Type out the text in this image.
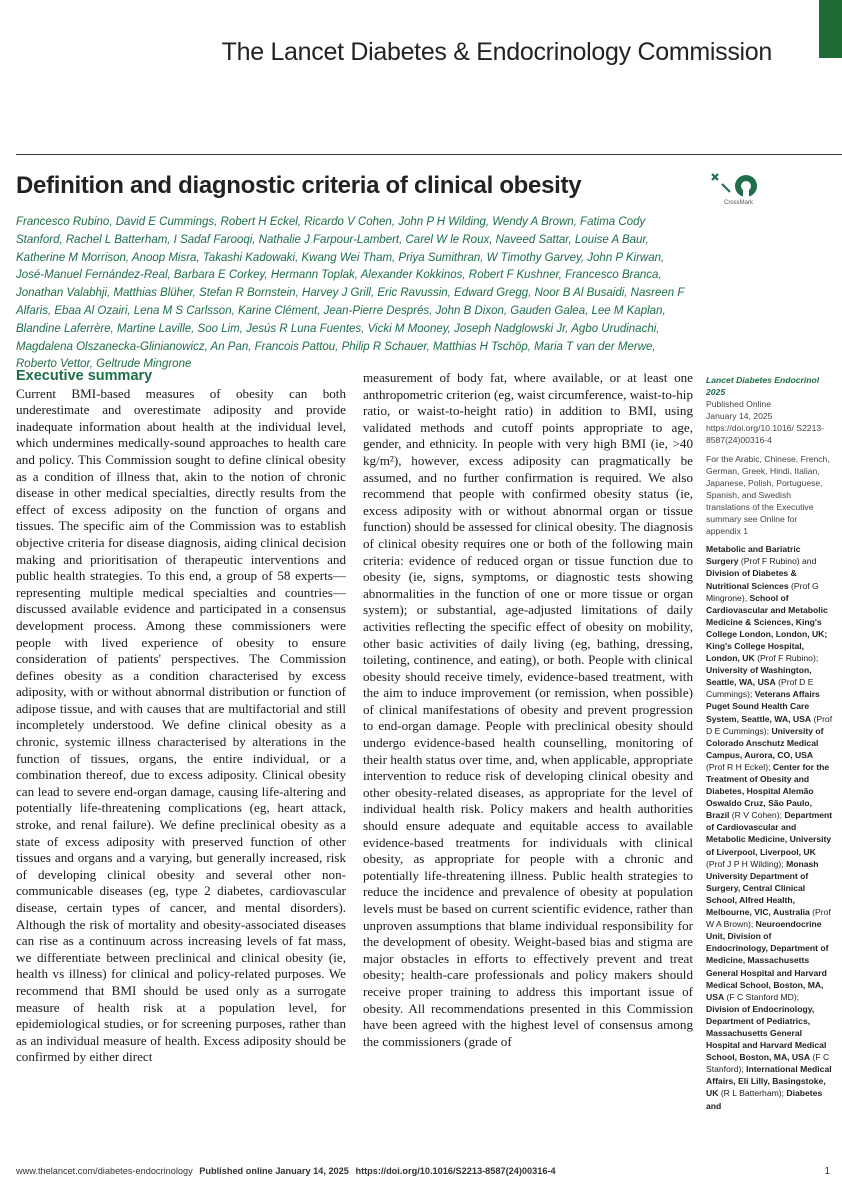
The Lancet Diabetes & Endocrinology Commission
Definition and diagnostic criteria of clinical obesity
CrossMark
Francesco Rubino, David E Cummings, Robert H Eckel, Ricardo V Cohen, John P H Wilding, Wendy A Brown, Fatima Cody Stanford, Rachel L Batterham, I Sadaf Farooqi, Nathalie J Farpour-Lambert, Carel W le Roux, Naveed Sattar, Louise A Baur, Katherine M Morrison, Anoop Misra, Takashi Kadowaki, Kwang Wei Tham, Priya Sumithran, W Timothy Garvey, John P Kirwan, José-Manuel Fernández-Real, Barbara E Corkey, Hermann Toplak, Alexander Kokkinos, Robert F Kushner, Francesco Branca, Jonathan Valabhji, Matthias Blüher, Stefan R Bornstein, Harvey J Grill, Eric Ravussin, Edward Gregg, Noor B Al Busaidi, Nasreen F Alfaris, Ebaa Al Ozairi, Lena M S Carlsson, Karine Clément, Jean-Pierre Després, John B Dixon, Gauden Galea, Lee M Kaplan, Blandine Laferrère, Martine Laville, Soo Lim, Jesús R Luna Fuentes, Vicki M Mooney, Joseph Nadglowski Jr, Agbo Urudinachi, Magdalena Olszanecka-Glinianowicz, An Pan, Francois Pattou, Philip R Schauer, Matthias H Tschöp, Maria T van der Merwe, Roberto Vettor, Geltrude Mingrone
Executive summary

Current BMI-based measures of obesity can both underestimate and overestimate adiposity and provide inadequate information about health at the individual level, which undermines medically-sound approaches to health care and policy. This Commission sought to define clinical obesity as a condition of illness that, akin to the notion of chronic disease in other medical specialties, directly results from the effect of excess adiposity on the function of organs and tissues. The specific aim of the Commission was to establish objective criteria for disease diagnosis, aiding clinical decision making and prioritisation of therapeutic interventions and public health strategies. To this end, a group of 58 experts—representing multiple medical specialties and countries—discussed available evidence and participated in a consensus development process. Among these commissioners were people with lived experience of obesity to ensure consideration of patients' perspectives. The Commission defines obesity as a condition characterised by excess adiposity, with or without abnormal distribution or function of adipose tissue, and with causes that are multifactorial and still incompletely understood. We define clinical obesity as a chronic, systemic illness characterised by alterations in the function of tissues, organs, the entire individual, or a combination thereof, due to excess adiposity. Clinical obesity can lead to severe end-organ damage, causing life-altering and potentially life-threatening complications (eg, heart attack, stroke, and renal failure). We define preclinical obesity as a state of excess adiposity with preserved function of other tissues and organs and a varying, but generally increased, risk of developing clinical obesity and several other non-communicable diseases (eg, type 2 diabetes, cardiovascular disease, certain types of cancer, and mental disorders). Although the risk of mortality and obesity-associated diseases can rise as a continuum across increasing levels of fat mass, we differentiate between preclinical and clinical obesity (ie, health vs illness) for clinical and policy-related purposes. We recommend that BMI should be used only as a surrogate measure of health risk at a population level, for epidemiological studies, or for screening purposes, rather than as an individual measure of health. Excess adiposity should be confirmed by either direct

measurement of body fat, where available, or at least one anthropometric criterion (eg, waist circumference, waist-to-hip ratio, or waist-to-height ratio) in addition to BMI, using validated methods and cutoff points appropriate to age, gender, and ethnicity. In people with very high BMI (ie, >40 kg/m²), however, excess adiposity can pragmatically be assumed, and no further confirmation is required. We also recommend that people with confirmed obesity status (ie, excess adiposity with or without abnormal organ or tissue function) should be assessed for clinical obesity. The diagnosis of clinical obesity requires one or both of the following main criteria: evidence of reduced organ or tissue function due to obesity (ie, signs, symptoms, or diagnostic tests showing abnormalities in the function of one or more tissue or organ system); or substantial, age-adjusted limitations of daily activities reflecting the specific effect of obesity on mobility, other basic activities of daily living (eg, bathing, dressing, toileting, continence, and eating), or both. People with clinical obesity should receive timely, evidence-based treatment, with the aim to induce improvement (or remission, when possible) of clinical manifestations of obesity and prevent progression to end-organ damage. People with preclinical obesity should undergo evidence-based health counselling, monitoring of their health status over time, and, when applicable, appropriate intervention to reduce risk of developing clinical obesity and other obesity-related diseases, as appropriate for the level of individual health risk. Policy makers and health authorities should ensure adequate and equitable access to available evidence-based treatments for individuals with clinical obesity, as appropriate for people with a chronic and potentially life-threatening illness. Public health strategies to reduce the incidence and prevalence of obesity at population levels must be based on current scientific evidence, rather than unproven assumptions that blame individual responsibility for the development of obesity. Weight-based bias and stigma are major obstacles in efforts to effectively prevent and treat obesity; health-care professionals and policy makers should receive proper training to address this important issue of obesity. All recommendations presented in this Commission have been agreed with the highest level of consensus among the commissioners (grade of

Lancet Diabetes Endocrinol 2025
Published Online
January 14, 2025
https://doi.org/10.1016/ S2213-8587(24)00316-4

For the Arabic, Chinese, French, German, Greek, Hindi, Italian, Japanese, Polish, Portuguese, Spanish, and Swedish translations of the Executive summary see Online for appendix 1

Metabolic and Bariatric Surgery (Prof F Rubino) and Division of Diabetes & Nutritional Sciences (Prof G Mingrone), School of Cardiovascular and Metabolic Medicine & Sciences, King's College London, London, UK; King's College Hospital, London, UK (Prof F Rubino); University of Washington, Seattle, WA, USA (Prof D E Cummings); Veterans Affairs Puget Sound Health Care System, Seattle, WA, USA (Prof D E Cummings); University of Colorado Anschutz Medical Campus, Aurora, CO, USA (Prof R H Eckel); Center for the Treatment of Obesity and Diabetes, Hospital Alemão Oswaldo Cruz, São Paulo, Brazil (R V Cohen); Department of Cardiovascular and Metabolic Medicine, University of Liverpool, Liverpool, UK (Prof J P H Wilding); Monash University Department of Surgery, Central Clinical School, Alfred Health, Melbourne, VIC, Australia (Prof W A Brown); Neuroendocrine Unit, Division of Endocrinology, Department of Medicine, Massachusetts General Hospital and Harvard Medical School, Boston, MA, USA (F C Stanford MD); Division of Endocrinology, Department of Pediatrics, Massachusetts General Hospital and Harvard Medical School, Boston, MA, USA (F C Stanford); International Medical Affairs, Eli Lilly, Basingstoke, UK (R L Batterham); Diabetes and

www.thelancet.com/diabetes-endocrinology Published online January 14, 2025 https://doi.org/10.1016/S2213-8587(24)00316-4	1
